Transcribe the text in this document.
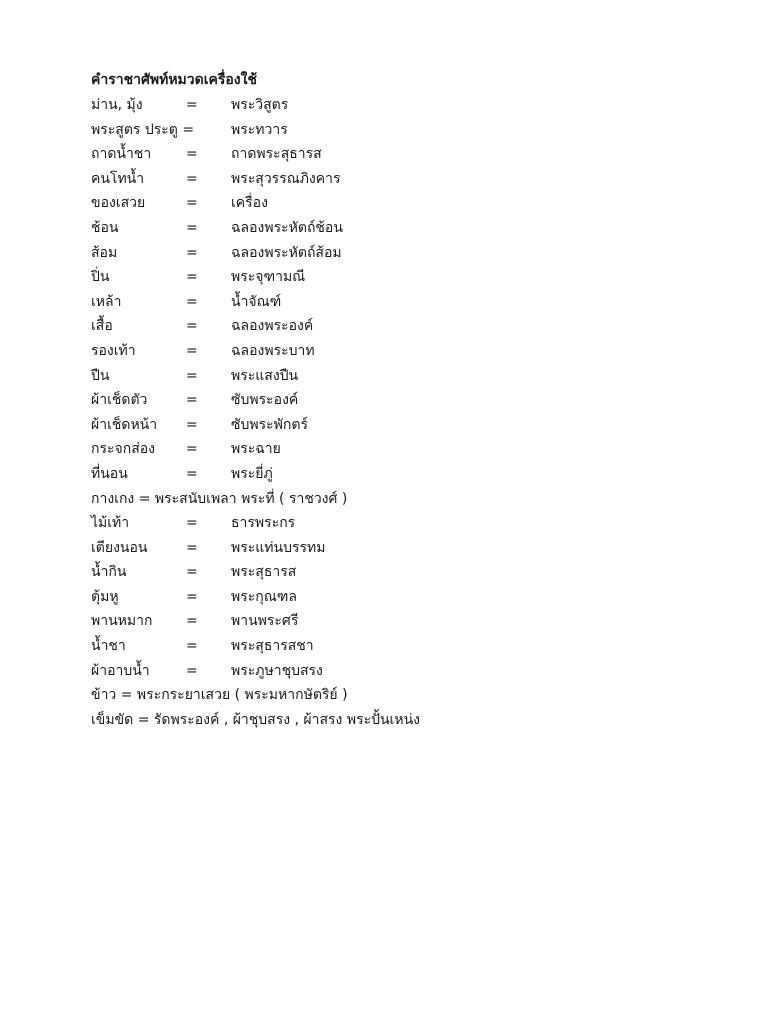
คำราชาศัพท์หมวดเครื่องใช้
ม่าน, มุ้ง	= พระวิสูตร
พระสูตร ประตู =	พระทวาร
ถาดน้ำชา = ถาดพระสุธารส
คนโทน้ำ	= พระสุวรรณภิงคาร
ของเสวย	= เครื่อง
ช้อน	= ฉลองพระหัตถ์ช้อน
ส้อม	= ฉลองพระหัตถ์ส้อม
ปิ่น	= พระจุฑามณี
เหล้า	= น้ำจัณฑ์
เสื้อ	= ฉลองพระองค์
รองเท้า	= ฉลองพระบาท
ปืน	= พระแสงปืน
ผ้าเช็ดตัว	= ซับพระองค์
ผ้าเช็ดหน้า = ซับพระพักตร์
กระจกส่อง = พระฉาย
ที่นอน	= พระยี่ภู่
กางเกง = พระสนับเพลา พระที่ ( ราชวงศ์ )
ไม้เท้า	= ธารพระกร
เตียงนอน	= พระแท่นบรรทม
น้ำกิน	= พระสุธารส
ตุ้มหู	= พระกุณฑล
พานหมาก = พานพระศรี
น้ำชา	= พระสุธารสชา
ผ้าอาบน้ำ	= พระภูษาชุบสรง
ข้าว = พระกระยาเสวย ( พระมหากษัตริย์ )
เข็มขัด = รัดพระองค์ , ผ้าชุบสรง , ผ้าสรง พระปั้นเหน่ง
